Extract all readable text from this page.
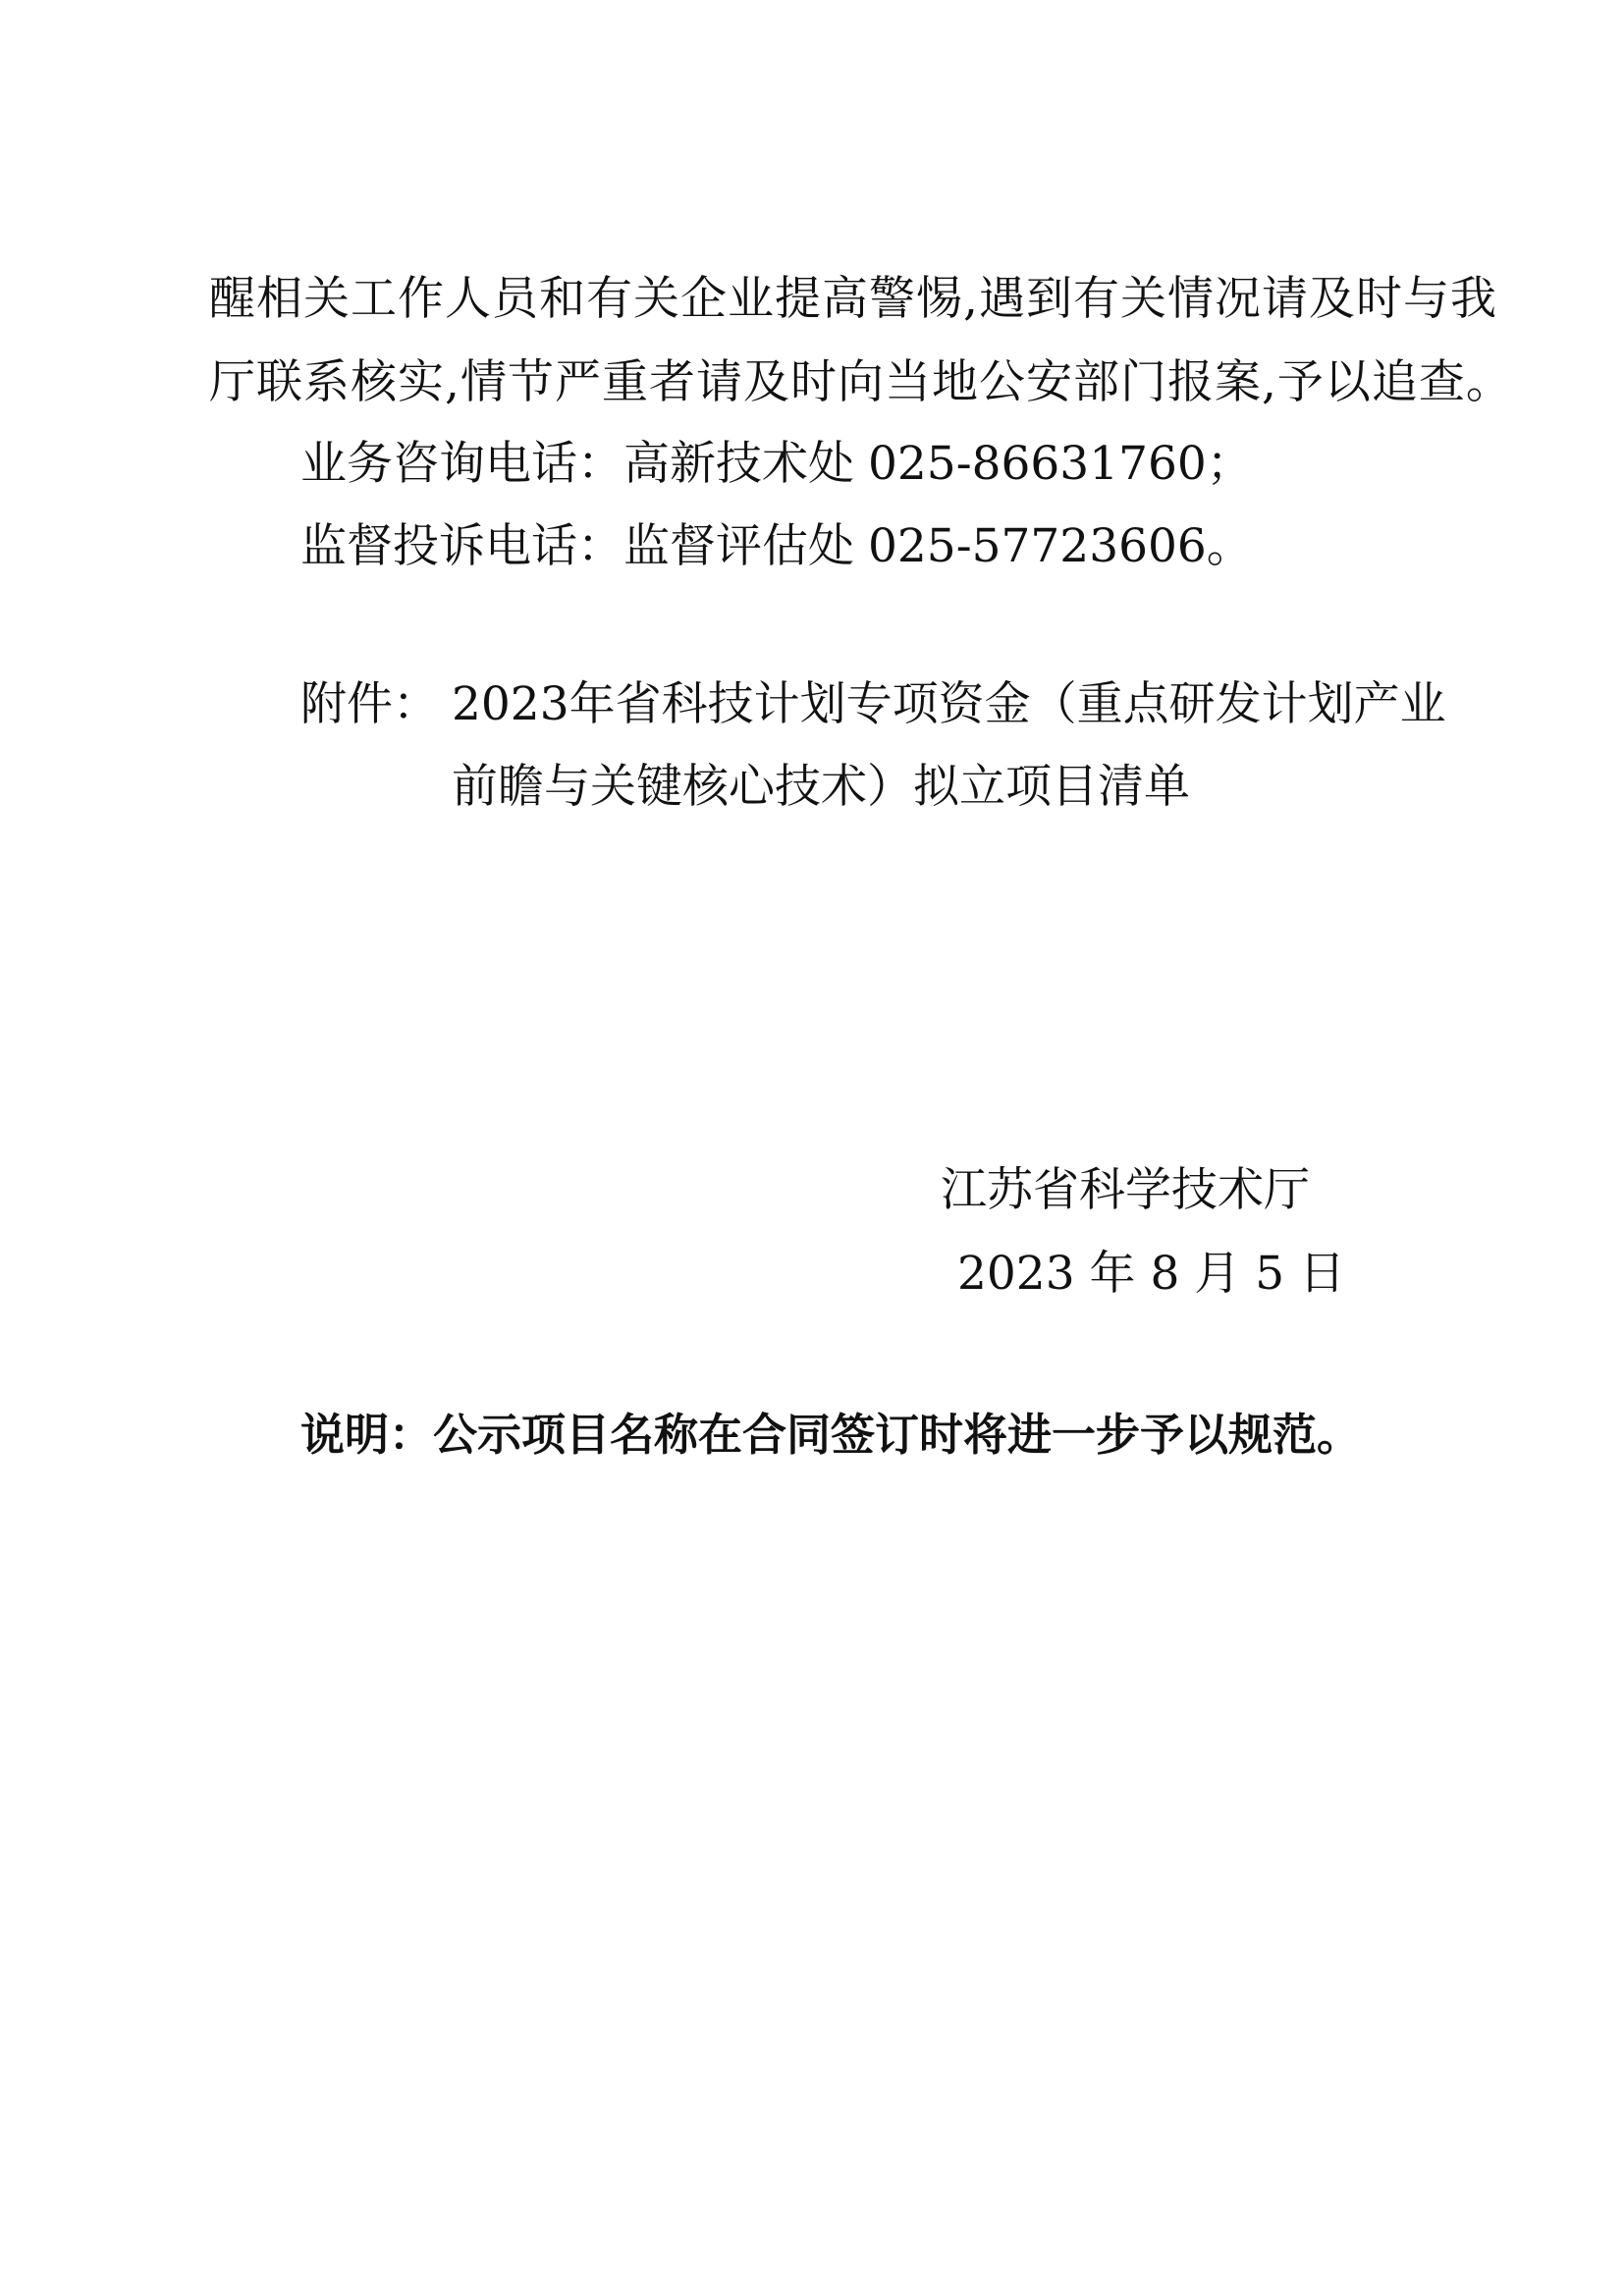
醒相关工作人员和有关企业提高警惕,遇到有关情况请及时与我
厅联系核实,情节严重者请及时向当地公安部门报案,予以追查。
业务咨询电话：高新技术处 025-86631760；
监督投诉电话：监督评估处 025-57723606。
附件： 2023年省科技计划专项资金（重点研发计划产业
前瞻与关键核心技术）拟立项目清单
江苏省科学技术厅
2023 年 8 月 5 日
说明：公示项目名称在合同签订时将进一步予以规范。
